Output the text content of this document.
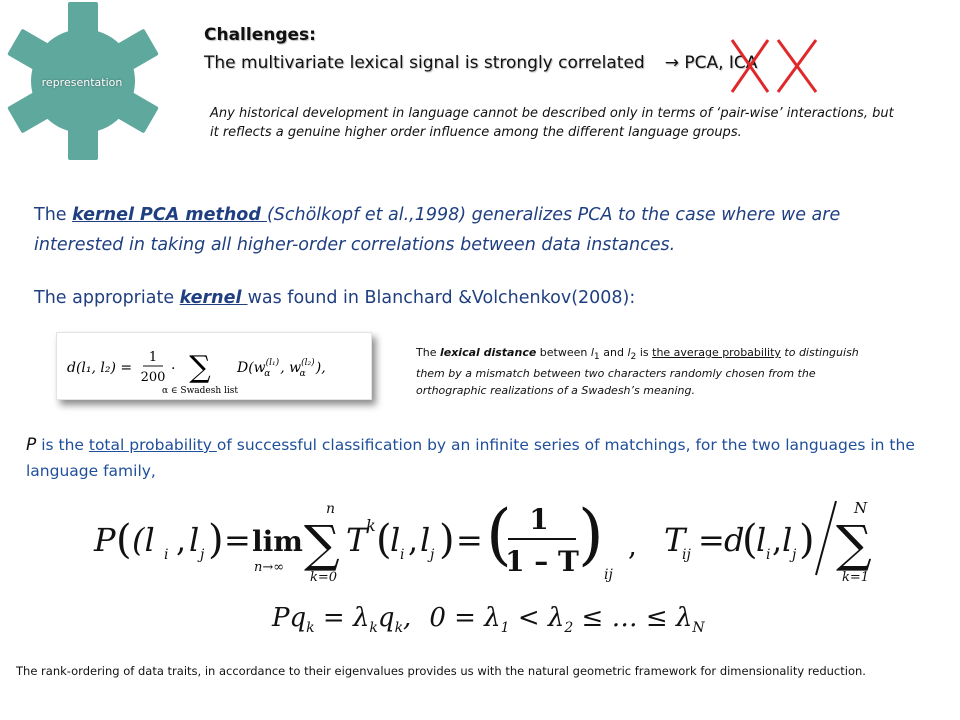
representation
Challenges:
The multivariate lexical signal is strongly correlated → PCA, ICA
Any historical development in language cannot be described only in terms of ‘pair-wise’ interactions, but it reflects a genuine higher order influence among the different language groups.
The kernel PCA method (Schölkopf et al.,1998) generalizes PCA to the case where we are interested in taking all higher-order correlations between data instances.
The appropriate kernel was found in Blanchard &Volchenkov(2008):
d(l₁, l₂) =
1
200
· ∑
α ∈ Swadesh list
$D(w^{(l_1)}$ α , $w^{(l_2)}$ α ),
The lexical distance between $l_1$ and $l_2$ is the average probability to distinguish them by a mismatch between two characters randomly chosen from the orthographic realizations of a Swadesh’s meaning.
P is the total probability of successful classification by an infinite series of matchings, for the two languages in the language family,
P ( (l i , l j ) = lim
n→∞
n
∑
k=0
T
k (
l i , l j ) = ( 1
1 – T )
ij
, T
ij = d
(
l i , l j )
N
∑
k=1
$Pq_k = \lambda_kq_k$, $0 = \lambda_1 < \lambda_2$ ≤ … ≤ $\lambda_N$
The rank-ordering of data traits, in accordance to their eigenvalues provides us with the natural geometric framework for dimensionality reduction.
